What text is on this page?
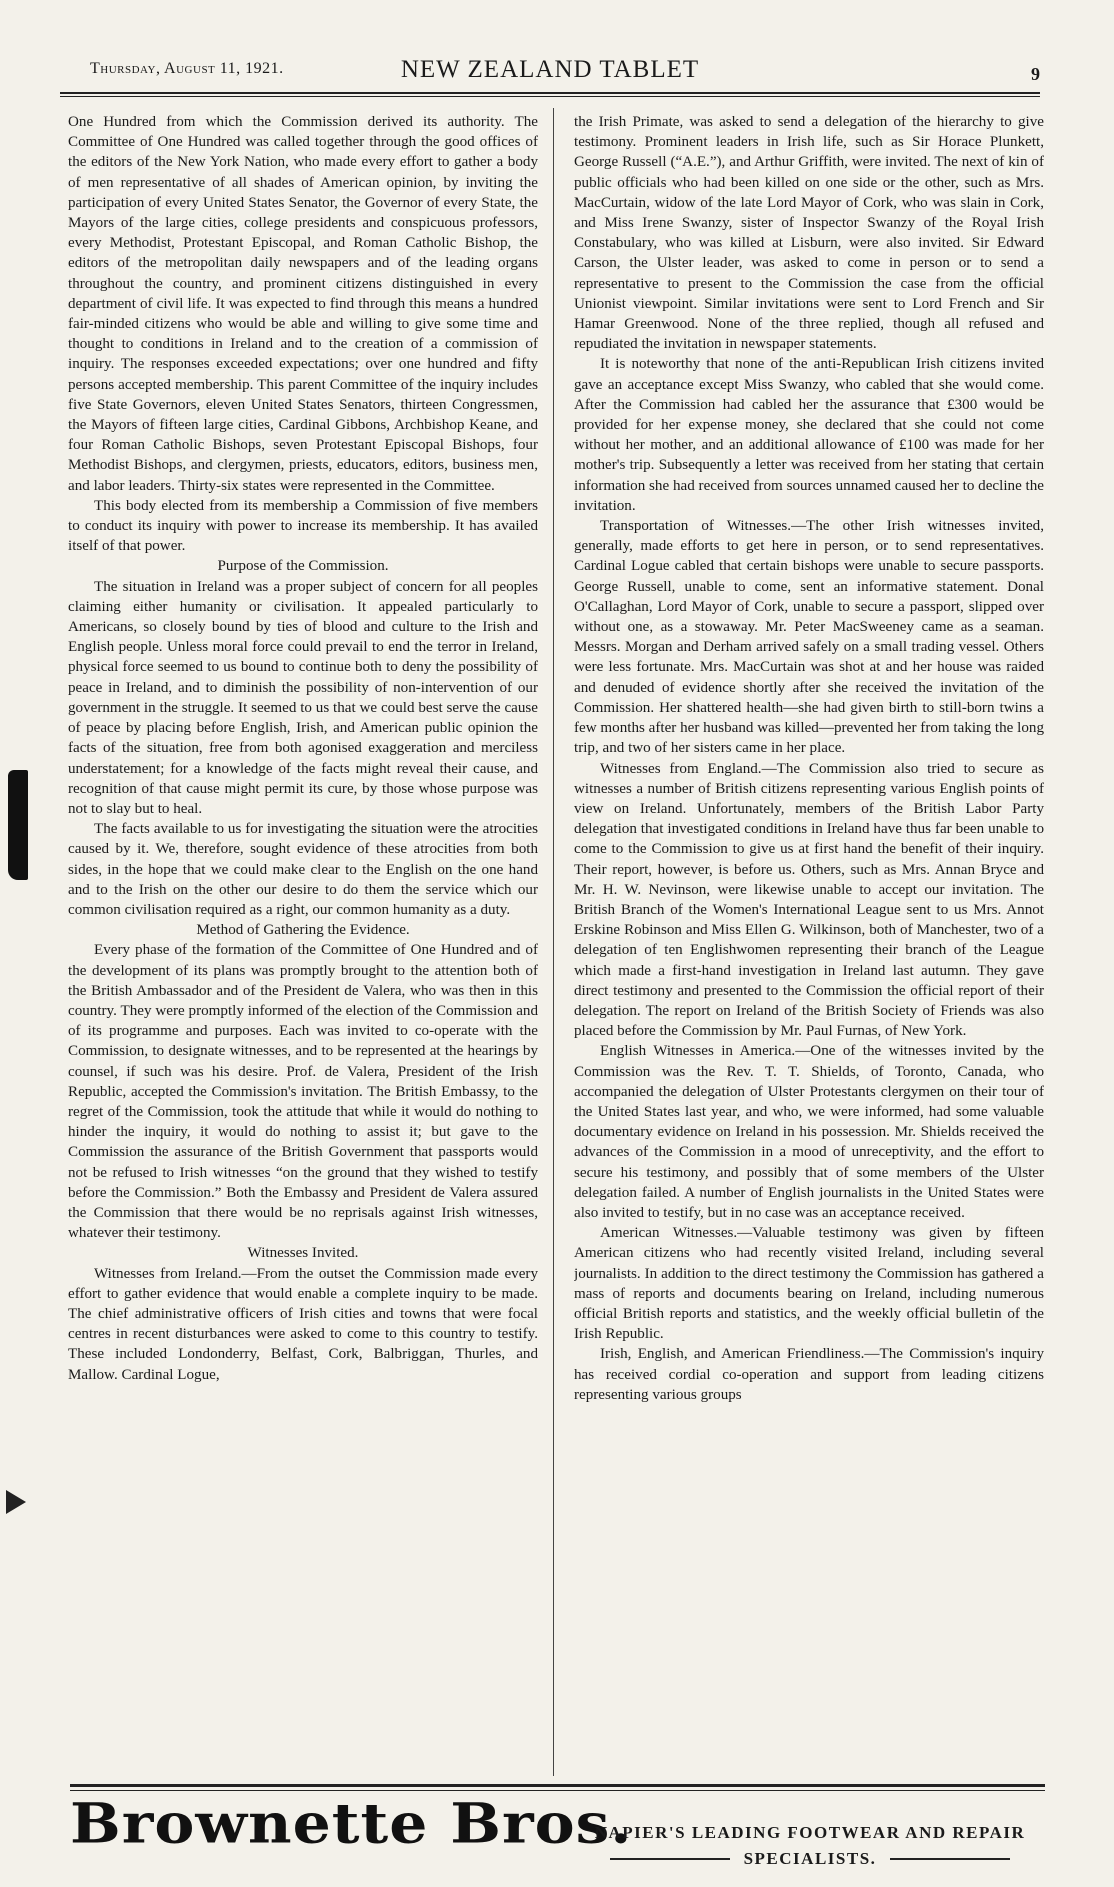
Thursday, August 11, 1921.	NEW ZEALAND TABLET	9

One Hundred from which the Commission derived its authority. The Committee of One Hundred was called together through the good offices of the editors of the New York Nation, who made every effort to gather a body of men representative of all shades of American opinion, by inviting the participation of every United States Senator, the Governor of every State, the Mayors of the large cities, college presidents and conspicuous professors, every Methodist, Protestant Episcopal, and Roman Catholic Bishop, the editors of the metropolitan daily newspapers and of the leading organs throughout the country, and prominent citizens distinguished in every department of civil life. It was expected to find through this means a hundred fair-minded citizens who would be able and willing to give some time and thought to conditions in Ireland and to the creation of a commission of inquiry. The responses exceeded expectations; over one hundred and fifty persons accepted membership. This parent Committee of the inquiry includes five State Governors, eleven United States Senators, thirteen Congressmen, the Mayors of fifteen large cities, Cardinal Gibbons, Archbishop Keane, and four Roman Catholic Bishops, seven Protestant Episcopal Bishops, four Methodist Bishops, and clergymen, priests, educators, editors, business men, and labor leaders. Thirty-six states were represented in the Committee.

This body elected from its membership a Commission of five members to conduct its inquiry with power to increase its membership. It has availed itself of that power.

Purpose of the Commission.

The situation in Ireland was a proper subject of concern for all peoples claiming either humanity or civilisation. It appealed particularly to Americans, so closely bound by ties of blood and culture to the Irish and English people. Unless moral force could prevail to end the terror in Ireland, physical force seemed to us bound to continue both to deny the possibility of peace in Ireland, and to diminish the possibility of non-intervention of our government in the struggle. It seemed to us that we could best serve the cause of peace by placing before English, Irish, and American public opinion the facts of the situation, free from both agonised exaggeration and merciless understatement; for a knowledge of the facts might reveal their cause, and recognition of that cause might permit its cure, by those whose purpose was not to slay but to heal.

The facts available to us for investigating the situation were the atrocities caused by it. We, therefore, sought evidence of these atrocities from both sides, in the hope that we could make clear to the English on the one hand and to the Irish on the other our desire to do them the service which our common civilisation required as a right, our common humanity as a duty.

Method of Gathering the Evidence.

Every phase of the formation of the Committee of One Hundred and of the development of its plans was promptly brought to the attention both of the British Ambassador and of the President de Valera, who was then in this country. They were promptly informed of the election of the Commission and of its programme and purposes. Each was invited to co-operate with the Commission, to designate witnesses, and to be represented at the hearings by counsel, if such was his desire. Prof. de Valera, President of the Irish Republic, accepted the Commission's invitation. The British Embassy, to the regret of the Commission, took the attitude that while it would do nothing to hinder the inquiry, it would do nothing to assist it; but gave to the Commission the assurance of the British Government that passports would not be refused to Irish witnesses “on the ground that they wished to testify before the Commission.” Both the Embassy and President de Valera assured the Commission that there would be no reprisals against Irish witnesses, whatever their testimony.

Witnesses Invited.

Witnesses from Ireland.—From the outset the Commission made every effort to gather evidence that would enable a complete inquiry to be made. The chief administrative officers of Irish cities and towns that were focal centres in recent disturbances were asked to come to this country to testify. These included Londonderry, Belfast, Cork, Balbriggan, Thurles, and Mallow. Cardinal Logue,

the Irish Primate, was asked to send a delegation of the hierarchy to give testimony. Prominent leaders in Irish life, such as Sir Horace Plunkett, George Russell (“A.E.”), and Arthur Griffith, were invited. The next of kin of public officials who had been killed on one side or the other, such as Mrs. MacCurtain, widow of the late Lord Mayor of Cork, who was slain in Cork, and Miss Irene Swanzy, sister of Inspector Swanzy of the Royal Irish Constabulary, who was killed at Lisburn, were also invited. Sir Edward Carson, the Ulster leader, was asked to come in person or to send a representative to present to the Commission the case from the official Unionist viewpoint. Similar invitations were sent to Lord French and Sir Hamar Greenwood. None of the three replied, though all refused and repudiated the invitation in newspaper statements.

It is noteworthy that none of the anti-Republican Irish citizens invited gave an acceptance except Miss Swanzy, who cabled that she would come. After the Commission had cabled her the assurance that £300 would be provided for her expense money, she declared that she could not come without her mother, and an additional allowance of £100 was made for her mother's trip. Subsequently a letter was received from her stating that certain information she had received from sources unnamed caused her to decline the invitation.

Transportation of Witnesses.—The other Irish witnesses invited, generally, made efforts to get here in person, or to send representatives. Cardinal Logue cabled that certain bishops were unable to secure passports. George Russell, unable to come, sent an informative statement. Donal O'Callaghan, Lord Mayor of Cork, unable to secure a passport, slipped over without one, as a stowaway. Mr. Peter MacSweeney came as a seaman. Messrs. Morgan and Derham arrived safely on a small trading vessel. Others were less fortunate. Mrs. MacCurtain was shot at and her house was raided and denuded of evidence shortly after she received the invitation of the Commission. Her shattered health—she had given birth to still-born twins a few months after her husband was killed—prevented her from taking the long trip, and two of her sisters came in her place.

Witnesses from England.—The Commission also tried to secure as witnesses a number of British citizens representing various English points of view on Ireland. Unfortunately, members of the British Labor Party delegation that investigated conditions in Ireland have thus far been unable to come to the Commission to give us at first hand the benefit of their inquiry. Their report, however, is before us. Others, such as Mrs. Annan Bryce and Mr. H. W. Nevinson, were likewise unable to accept our invitation. The British Branch of the Women's International League sent to us Mrs. Annot Erskine Robinson and Miss Ellen G. Wilkinson, both of Manchester, two of a delegation of ten Englishwomen representing their branch of the League which made a first-hand investigation in Ireland last autumn. They gave direct testimony and presented to the Commission the official report of their delegation. The report on Ireland of the British Society of Friends was also placed before the Commission by Mr. Paul Furnas, of New York.

English Witnesses in America.—One of the witnesses invited by the Commission was the Rev. T. T. Shields, of Toronto, Canada, who accompanied the delegation of Ulster Protestants clergymen on their tour of the United States last year, and who, we were informed, had some valuable documentary evidence on Ireland in his possession. Mr. Shields received the advances of the Commission in a mood of unreceptivity, and the effort to secure his testimony, and possibly that of some members of the Ulster delegation failed. A number of English journalists in the United States were also invited to testify, but in no case was an acceptance received.

American Witnesses.—Valuable testimony was given by fifteen American citizens who had recently visited Ireland, including several journalists. In addition to the direct testimony the Commission has gathered a mass of reports and documents bearing on Ireland, including numerous official British reports and statistics, and the weekly official bulletin of the Irish Republic.

Irish, English, and American Friendliness.—The Commission's inquiry has received cordial co-operation and support from leading citizens representing various groups

Brownette Bros.
NAPIER'S LEADING FOOTWEAR AND REPAIR
SPECIALISTS.
